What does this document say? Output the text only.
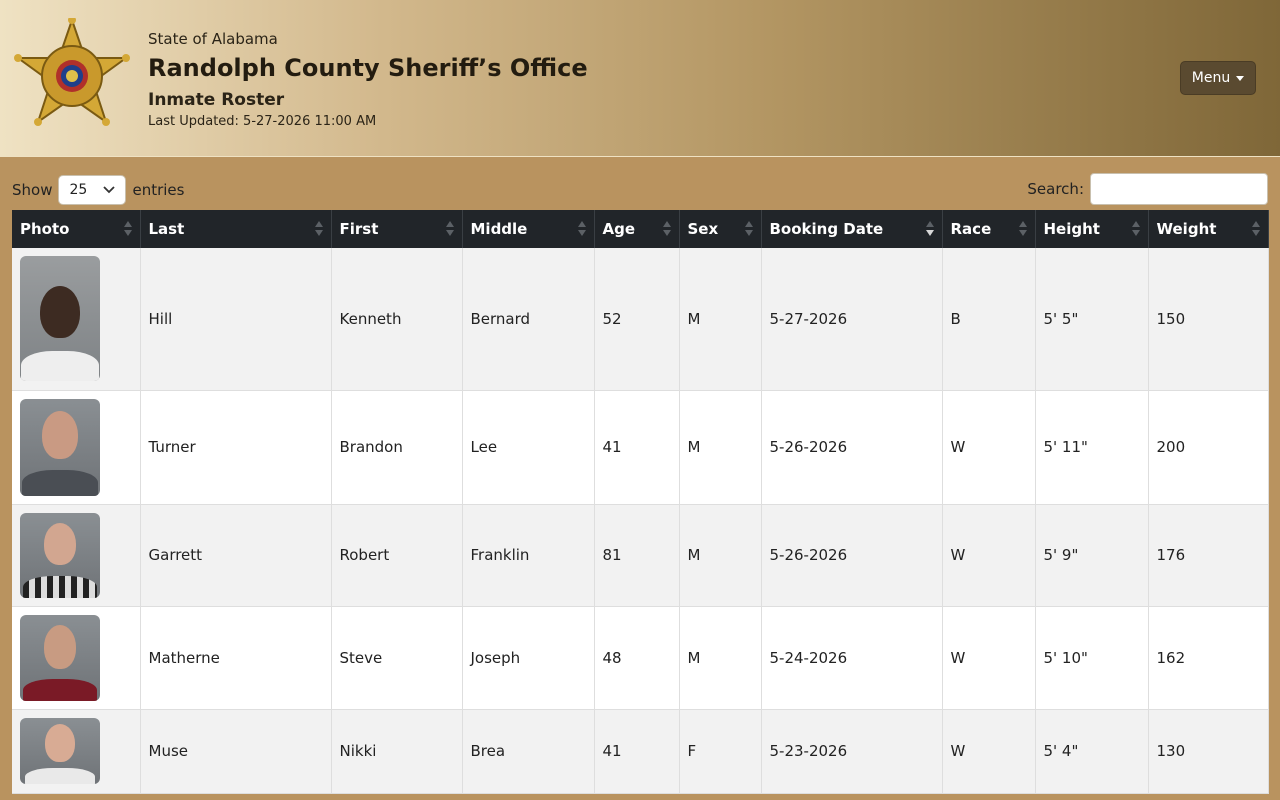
State of Alabama
Randolph County Sheriff’s Office
Inmate Roster
Last Updated: 5-27-2026 11:00 AM
Menu
Show 25	entries	Search:
Photo	Last	First	Middle	Age	Sex	Booking Date	Race	Height	Weight

	Hill	Kenneth	Bernard	52	M	5-27-2026	B	5' 5"	150

	Turner	Brandon	Lee	41	M	5-26-2026	W	5' 11"	200

	Garrett	Robert	Franklin	81	M	5-26-2026	W	5' 9"	176

	Matherne	Steve	Joseph	48	M	5-24-2026	W	5' 10"	162

	Muse	Nikki	Brea	41	F	5-23-2026	W	5' 4"	130
